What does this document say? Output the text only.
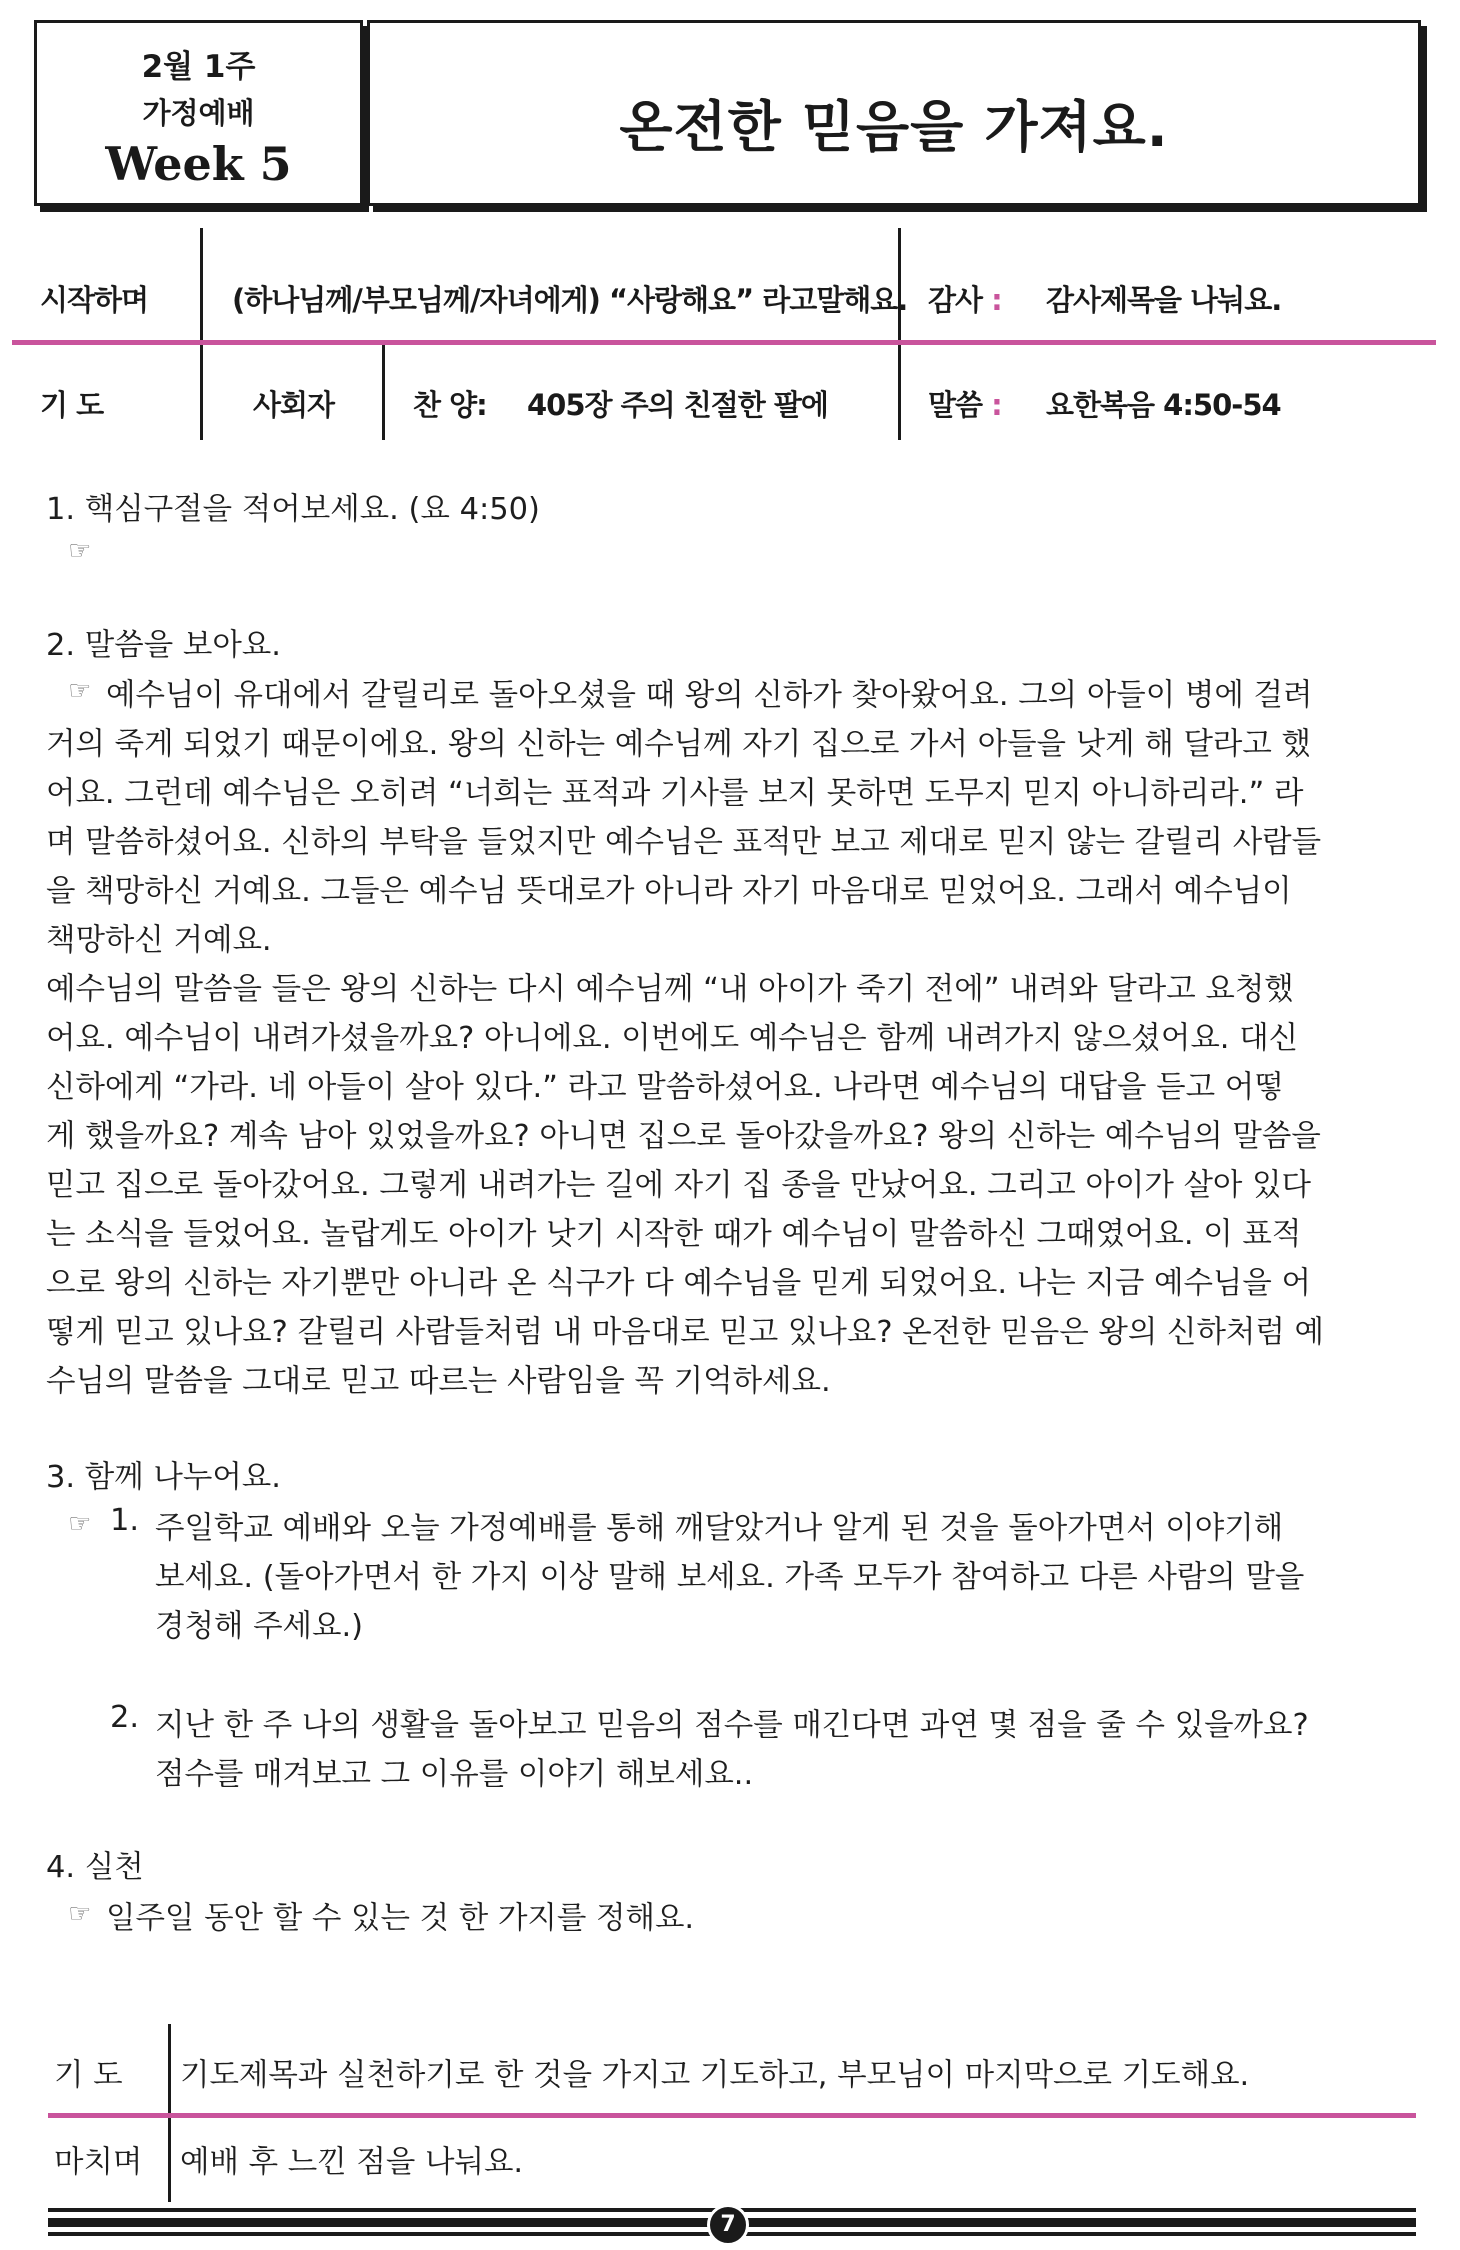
2월 1주
가정예배
Week 5
온전한 믿음을 가져요.
시작하며	(하나님께/부모님께/자녀에게) “사랑해요” 라고말해요. 감사 : 감사제목을 나눠요.
기 도	사회자	찬 양: 405장 주의 친절한 팔에	말씀 : 요한복음 4:50-54
1. 핵심구절을 적어보세요. (요 4:50)
☞
2. 말씀을 보아요.
☞ 예수님이 유대에서 갈릴리로 돌아오셨을 때 왕의 신하가 찾아왔어요. 그의 아들이 병에 걸려
거의 죽게 되었기 때문이에요. 왕의 신하는 예수님께 자기 집으로 가서 아들을 낫게 해 달라고 했
어요. 그런데 예수님은 오히려 “너희는 표적과 기사를 보지 못하면 도무지 믿지 아니하리라.” 라
며 말씀하셨어요. 신하의 부탁을 들었지만 예수님은 표적만 보고 제대로 믿지 않는 갈릴리 사람들
을 책망하신 거예요. 그들은 예수님 뜻대로가 아니라 자기 마음대로 믿었어요. 그래서 예수님이
책망하신 거예요.
예수님의 말씀을 들은 왕의 신하는 다시 예수님께 “내 아이가 죽기 전에” 내려와 달라고 요청했
어요. 예수님이 내려가셨을까요? 아니에요. 이번에도 예수님은 함께 내려가지 않으셨어요. 대신
신하에게 “가라. 네 아들이 살아 있다.” 라고 말씀하셨어요. 나라면 예수님의 대답을 듣고 어떻
게 했을까요? 계속 남아 있었을까요? 아니면 집으로 돌아갔을까요? 왕의 신하는 예수님의 말씀을
믿고 집으로 돌아갔어요. 그렇게 내려가는 길에 자기 집 종을 만났어요. 그리고 아이가 살아 있다
는 소식을 들었어요. 놀랍게도 아이가 낫기 시작한 때가 예수님이 말씀하신 그때였어요. 이 표적
으로 왕의 신하는 자기뿐만 아니라 온 식구가 다 예수님을 믿게 되었어요. 나는 지금 예수님을 어
떻게 믿고 있나요? 갈릴리 사람들처럼 내 마음대로 믿고 있나요? 온전한 믿음은 왕의 신하처럼 예
수님의 말씀을 그대로 믿고 따르는 사람임을 꼭 기억하세요.
3. 함께 나누어요.
☞ 1. 주일학교 예배와 오늘 가정예배를 통해 깨달았거나 알게 된 것을 돌아가면서 이야기해
보세요. (돌아가면서 한 가지 이상 말해 보세요. 가족 모두가 참여하고 다른 사람의 말을
경청해 주세요.)
2. 지난 한 주 나의 생활을 돌아보고 믿음의 점수를 매긴다면 과연 몇 점을 줄 수 있을까요?
점수를 매겨보고 그 이유를 이야기 해보세요..
4. 실천
☞ 일주일 동안 할 수 있는 것 한 가지를 정해요.
기 도 기도제목과 실천하기로 한 것을 가지고 기도하고, 부모님이 마지막으로 기도해요.
마치며 예배 후 느낀 점을 나눠요.
7
